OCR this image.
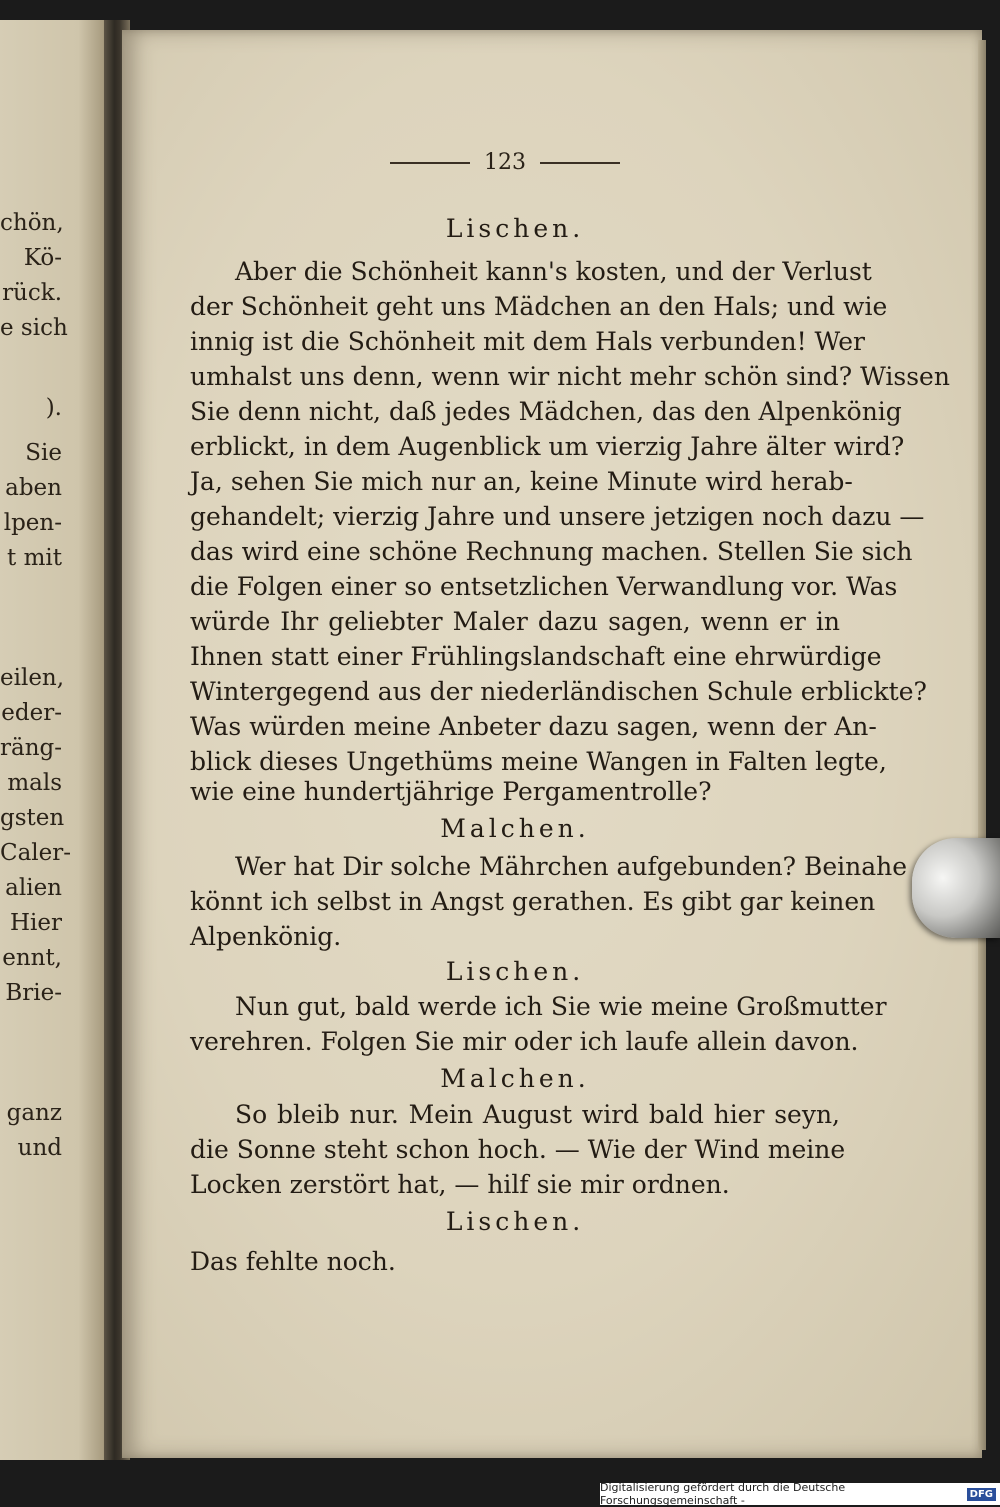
chön,
Kö-
rück.
e sich
).
Sie
aben
lpen-
t mit
eilen,
eder-
räng-
mals
gsten
Caler-
alien
Hier
ennt,
Brie-
ganz
und
123
Lischen.
Aber die Schönheit kann's kosten, und der Verlust
der Schönheit geht uns Mädchen an den Hals; und wie
innig ist die Schönheit mit dem Hals verbunden! Wer
umhalst uns denn, wenn wir nicht mehr schön sind? Wissen
Sie denn nicht, daß jedes Mädchen, das den Alpenkönig
erblickt, in dem Augenblick um vierzig Jahre älter wird?
Ja, sehen Sie mich nur an, keine Minute wird herab-
gehandelt; vierzig Jahre und unsere jetzigen noch dazu —
das wird eine schöne Rechnung machen. Stellen Sie sich
die Folgen einer so entsetzlichen Verwandlung vor. Was
würde Ihr geliebter Maler dazu sagen, wenn er in
Ihnen statt einer Frühlingslandschaft eine ehrwürdige
Wintergegend aus der niederländischen Schule erblickte?
Was würden meine Anbeter dazu sagen, wenn der An-
blick dieses Ungethüms meine Wangen in Falten legte,
wie eine hundertjährige Pergamentrolle?
Malchen.
Wer hat Dir solche Mährchen aufgebunden? Beinahe
könnt ich selbst in Angst gerathen. Es gibt gar keinen
Alpenkönig.
Lischen.
Nun gut, bald werde ich Sie wie meine Großmutter
verehren. Folgen Sie mir oder ich laufe allein davon.
Malchen.
So bleib nur. Mein August wird bald hier seyn,
die Sonne steht schon hoch. — Wie der Wind meine
Locken zerstört hat, — hilf sie mir ordnen.
Lischen.
Das fehlte noch.
Digitalisierung gefördert durch die Deutsche Forschungsgemeinschaft -	DFG
